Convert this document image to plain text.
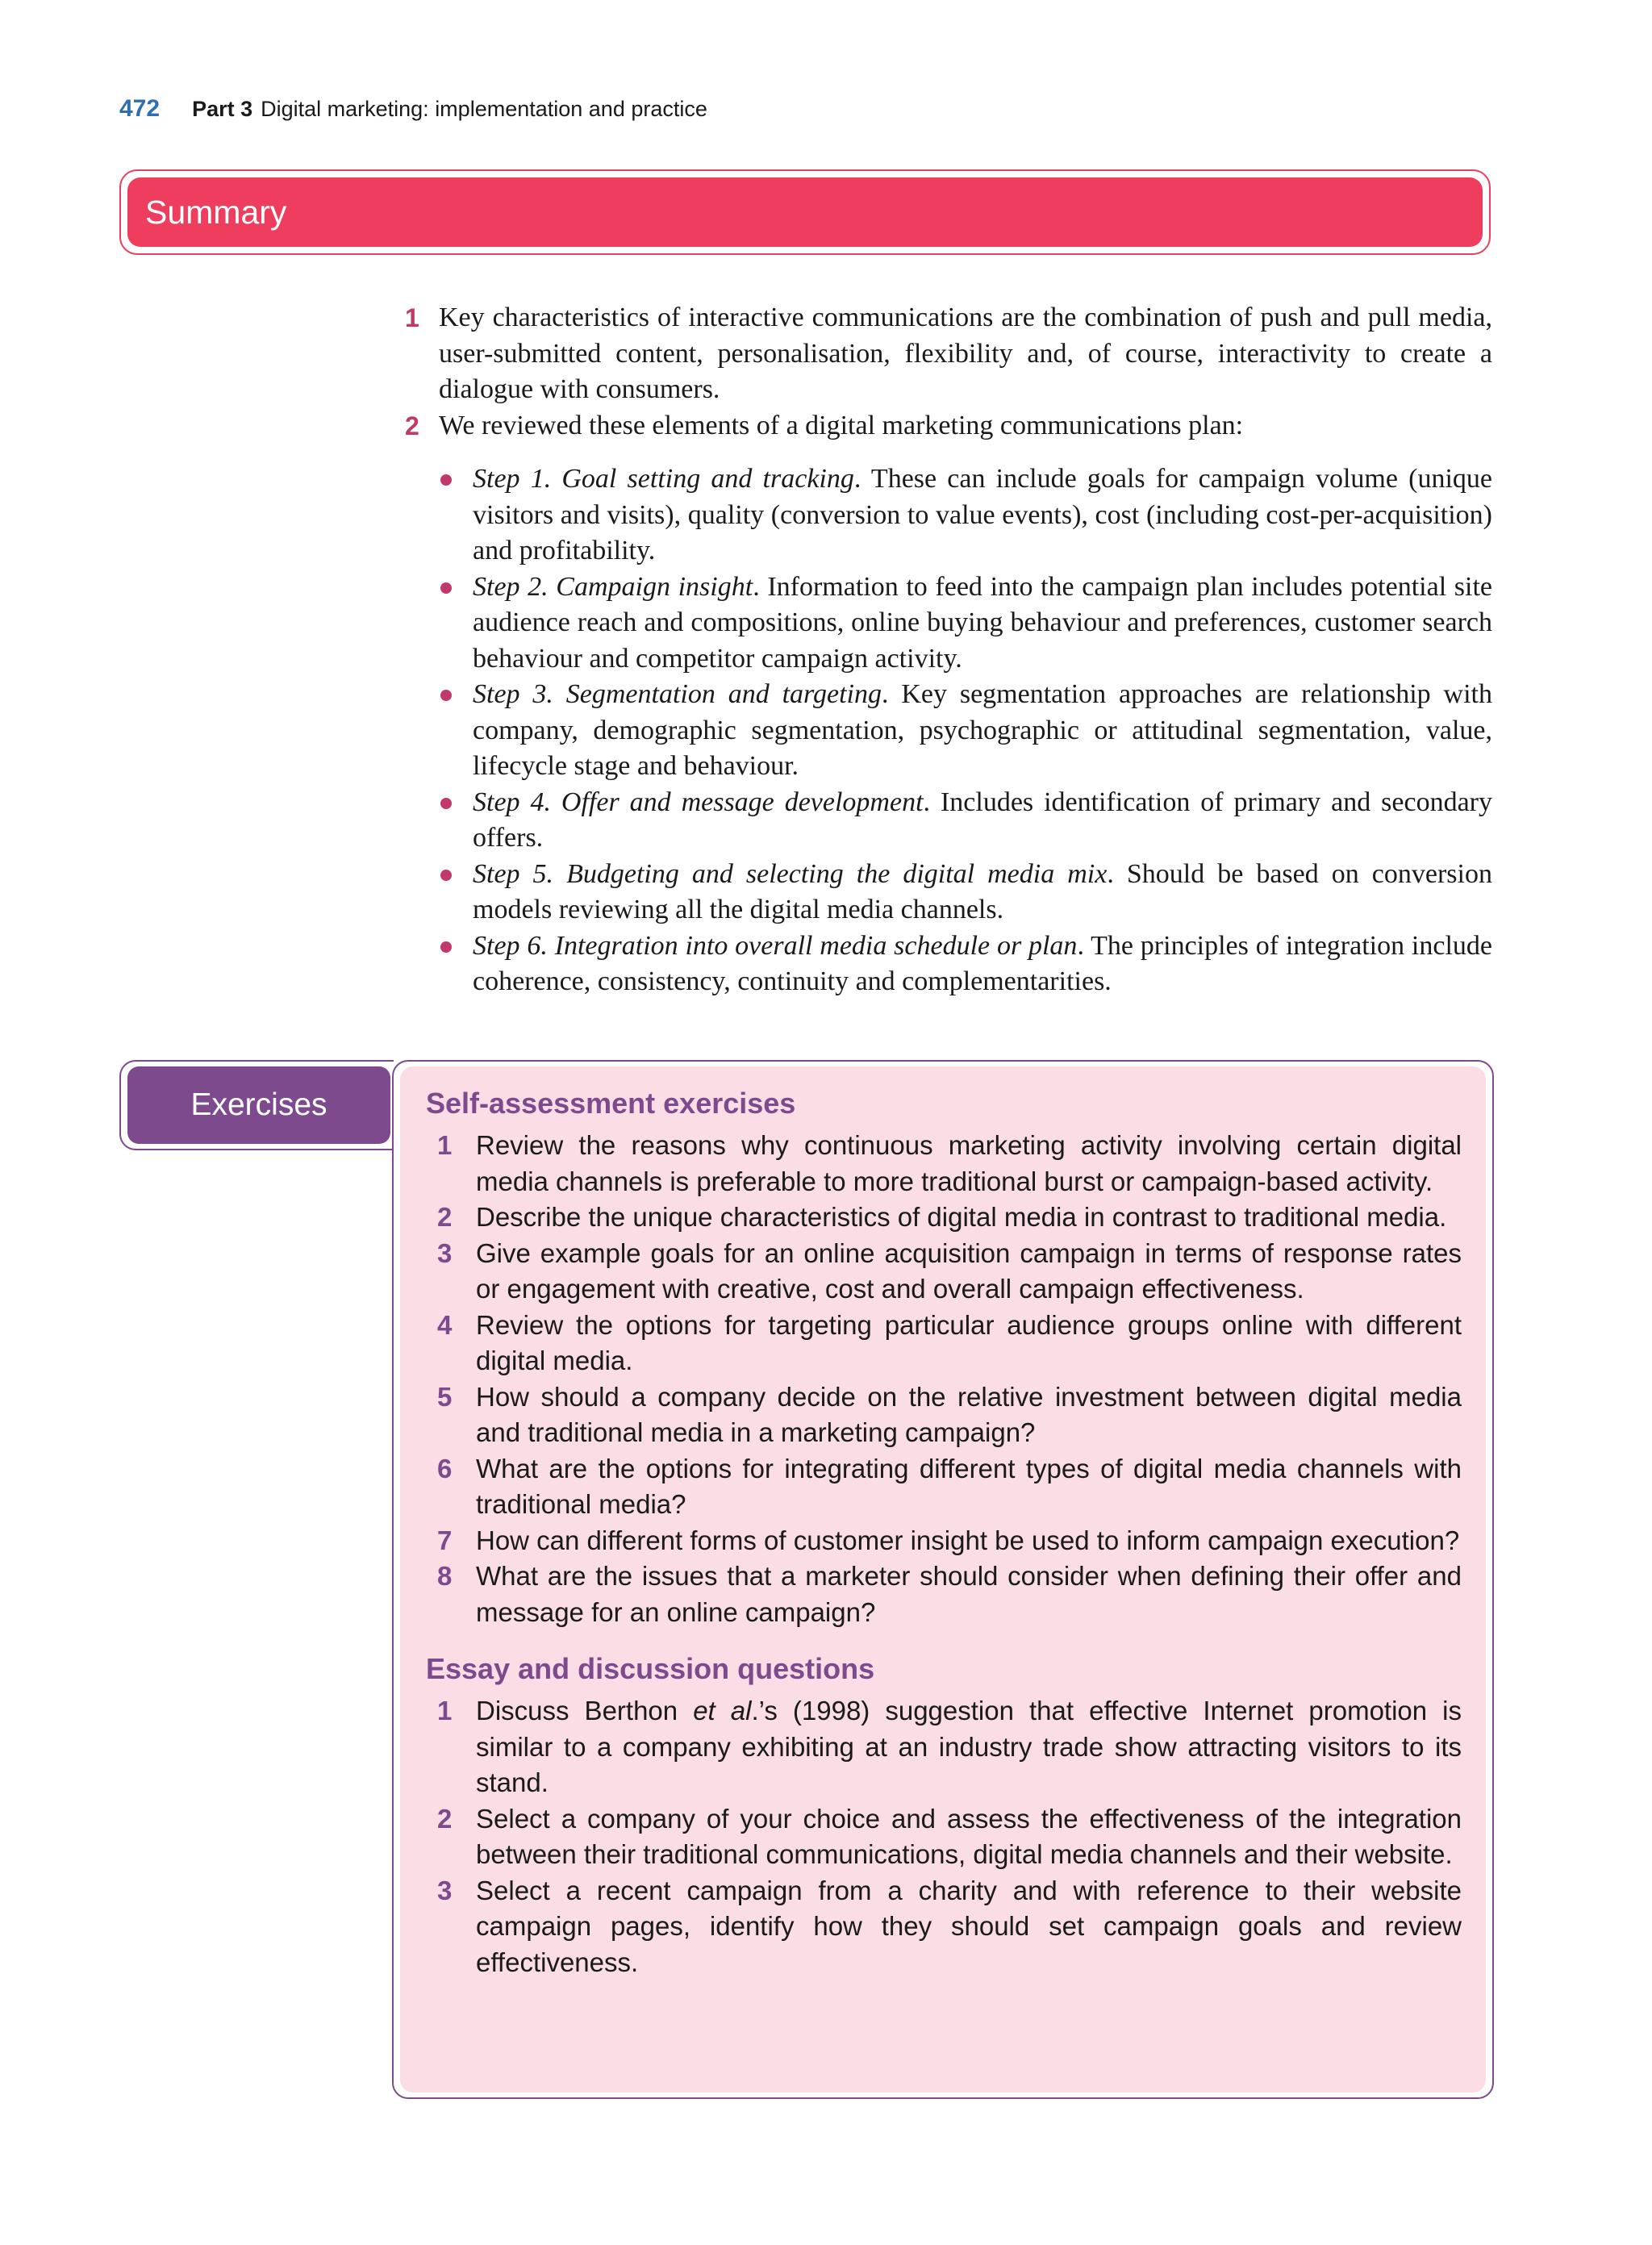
472 Part 3 Digital marketing: implementation and practice
Summary
1 Key characteristics of interactive communications are the combination of push and pull media, user-submitted content, personalisation, flexibility and, of course, interactivity to create a dialogue with consumers.
2 We reviewed these elements of a digital marketing communications plan:
Step 1. Goal setting and tracking. These can include goals for campaign volume (unique visitors and visits), quality (conversion to value events), cost (including cost-per-acquisition) and profitability.
Step 2. Campaign insight. Information to feed into the campaign plan includes potential site audience reach and compositions, online buying behaviour and preferences, customer search behaviour and competitor campaign activity.
Step 3. Segmentation and targeting. Key segmentation approaches are relationship with company, demographic segmentation, psychographic or attitudinal segmentation, value, lifecycle stage and behaviour.
Step 4. Offer and message development. Includes identification of primary and secondary offers.
Step 5. Budgeting and selecting the digital media mix. Should be based on conversion models reviewing all the digital media channels.
Step 6. Integration into overall media schedule or plan. The principles of integration include coherence, consistency, continuity and complementarities.
Exercises	Self-assessment exercises
1 Review the reasons why continuous marketing activity involving certain digital media channels is preferable to more traditional burst or campaign-based activity.
2 Describe the unique characteristics of digital media in contrast to traditional media.
3 Give example goals for an online acquisition campaign in terms of response rates or engagement with creative, cost and overall campaign effectiveness.
4 Review the options for targeting particular audience groups online with different digital media.
5 How should a company decide on the relative investment between digital media and traditional media in a marketing campaign?
6 What are the options for integrating different types of digital media channels with traditional media?
7 How can different forms of customer insight be used to inform campaign execution?
8 What are the issues that a marketer should consider when defining their offer and message for an online campaign?
Essay and discussion questions
1 Discuss Berthon et al.’s (1998) suggestion that effective Internet promotion is similar to a company exhibiting at an industry trade show attracting visitors to its stand.
2 Select a company of your choice and assess the effectiveness of the integration between their traditional communications, digital media channels and their website.
3 Select a recent campaign from a charity and with reference to their website campaign pages, identify how they should set campaign goals and review effectiveness.
